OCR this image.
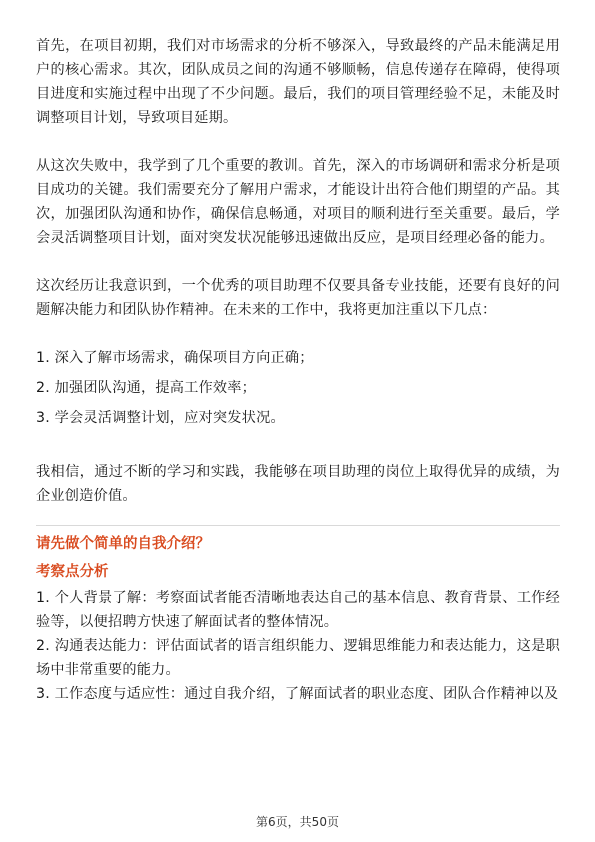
首先，在项目初期，我们对市场需求的分析不够深入，导致最终的产品未能满足用户的核心需求。其次，团队成员之间的沟通不够顺畅，信息传递存在障碍，使得项目进度和实施过程中出现了不少问题。最后，我们的项目管理经验不足，未能及时调整项目计划，导致项目延期。

从这次失败中，我学到了几个重要的教训。首先，深入的市场调研和需求分析是项目成功的关键。我们需要充分了解用户需求，才能设计出符合他们期望的产品。其次，加强团队沟通和协作，确保信息畅通，对项目的顺利进行至关重要。最后，学会灵活调整项目计划，面对突发状况能够迅速做出反应，是项目经理必备的能力。

这次经历让我意识到，一个优秀的项目助理不仅要具备专业技能，还要有良好的问题解决能力和团队协作精神。在未来的工作中，我将更加注重以下几点：

1. 深入了解市场需求，确保项目方向正确；

2. 加强团队沟通，提高工作效率；

3. 学会灵活调整计划，应对突发状况。

我相信，通过不断的学习和实践，我能够在项目助理的岗位上取得优异的成绩，为企业创造价值。

请先做个简单的自我介绍？

考察点分析

1. 个人背景了解：考察面试者能否清晰地表达自己的基本信息、教育背景、工作经验等，以便招聘方快速了解面试者的整体情况。

2. 沟通表达能力：评估面试者的语言组织能力、逻辑思维能力和表达能力，这是职场中非常重要的能力。

3. 工作态度与适应性：通过自我介绍，了解面试者的职业态度、团队合作精神以及

第6页，共50页
